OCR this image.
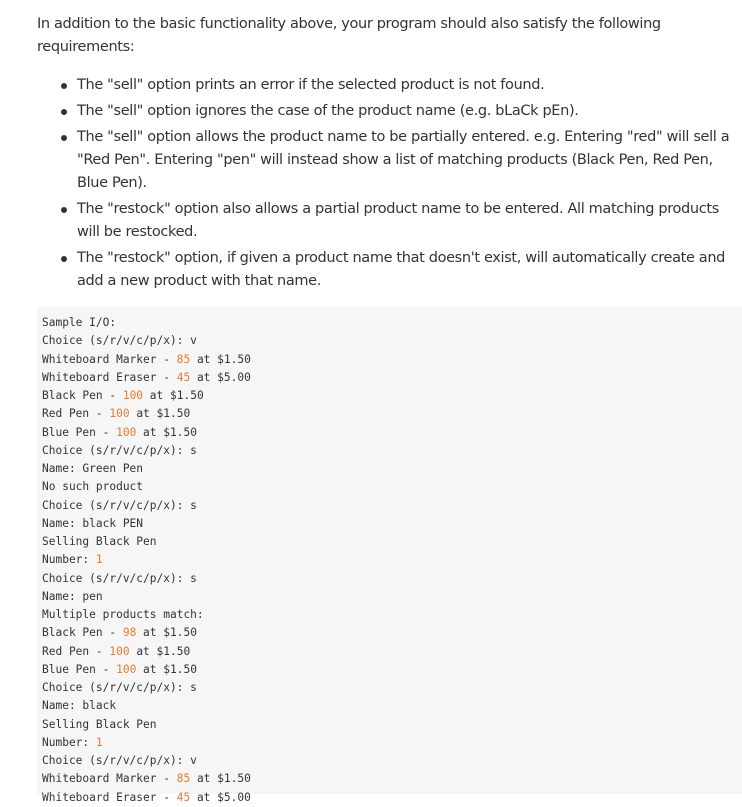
In addition to the basic functionality above, your program should also satisfy the following requirements:

The "sell" option prints an error if the selected product is not found.
The "sell" option ignores the case of the product name (e.g. bLaCk pEn).
The "sell" option allows the product name to be partially entered. e.g. Entering "red" will sell a "Red Pen". Entering "pen" will instead show a list of matching products (Black Pen, Red Pen, Blue Pen).
The "restock" option also allows a partial product name to be entered. All matching products will be restocked.
The "restock" option, if given a product name that doesn't exist, will automatically create and add a new product with that name.
Sample I/O:
Choice (s/r/v/c/p/x): v
Whiteboard Marker - 85 at $1.50
Whiteboard Eraser - 45 at $5.00
Black Pen - 100 at $1.50
Red Pen - 100 at $1.50
Blue Pen - 100 at $1.50
Choice (s/r/v/c/p/x): s
Name: Green Pen
No such product
Choice (s/r/v/c/p/x): s
Name: black PEN
Selling Black Pen
Number: 1
Choice (s/r/v/c/p/x): s
Name: pen
Multiple products match:
Black Pen - 98 at $1.50
Red Pen - 100 at $1.50
Blue Pen - 100 at $1.50
Choice (s/r/v/c/p/x): s
Name: black
Selling Black Pen
Number: 1
Choice (s/r/v/c/p/x): v
Whiteboard Marker - 85 at $1.50
Whiteboard Eraser - 45 at $5.00
